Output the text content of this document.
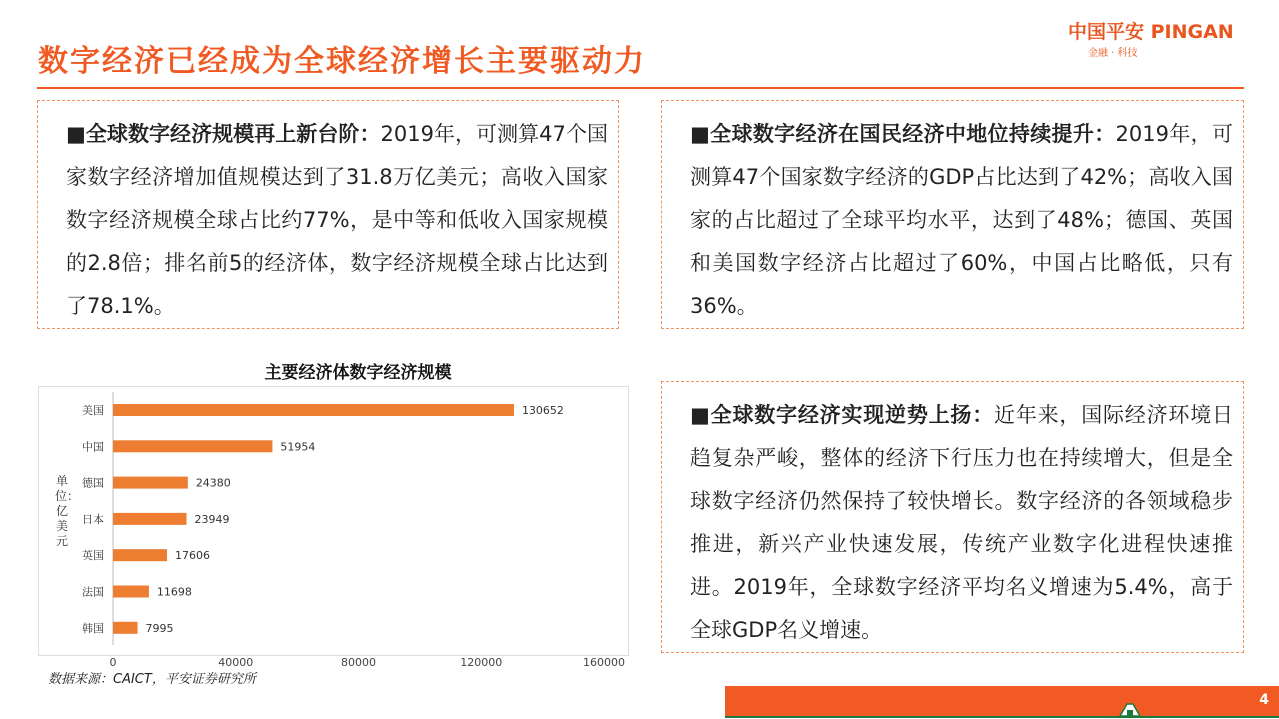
数字经济已经成为全球经济增长主要驱动力
中国平安 PINGAN
金融 · 科技
■全球数字经济规模再上新台阶：2019年，可测算47个国家数字经济增加值规模达到了31.8万亿美元；高收入国家数字经济规模全球占比约77%，是中等和低收入国家规模的2.8倍；排名前5的经济体，数字经济规模全球占比达到了78.1%。
■全球数字经济在国民经济中地位持续提升：2019年，可测算47个国家数字经济的GDP占比达到了42%；高收入国家的占比超过了全球平均水平，达到了48%；德国、英国和美国数字经济占比超过了60%，中国占比略低，只有36%。
■全球数字经济实现逆势上扬：近年来，国际经济环境日趋复杂严峻，整体的经济下行压力也在持续增大，但是全球数字经济仍然保持了较快增长。数字经济的各领域稳步推进，新兴产业快速发展，传统产业数字化进程快速推进。2019年，全球数字经济平均名义增速为5.4%，高于全球GDP名义增速。
主要经济体数字经济规模
美国	130652
中国	51954
德国	24380
日本	23949
英国	17606
法国	11698
韩国	7995
0	40000	80000	120000	160000
单位：亿美元
数据来源：CAICT，平安证券研究所
4
